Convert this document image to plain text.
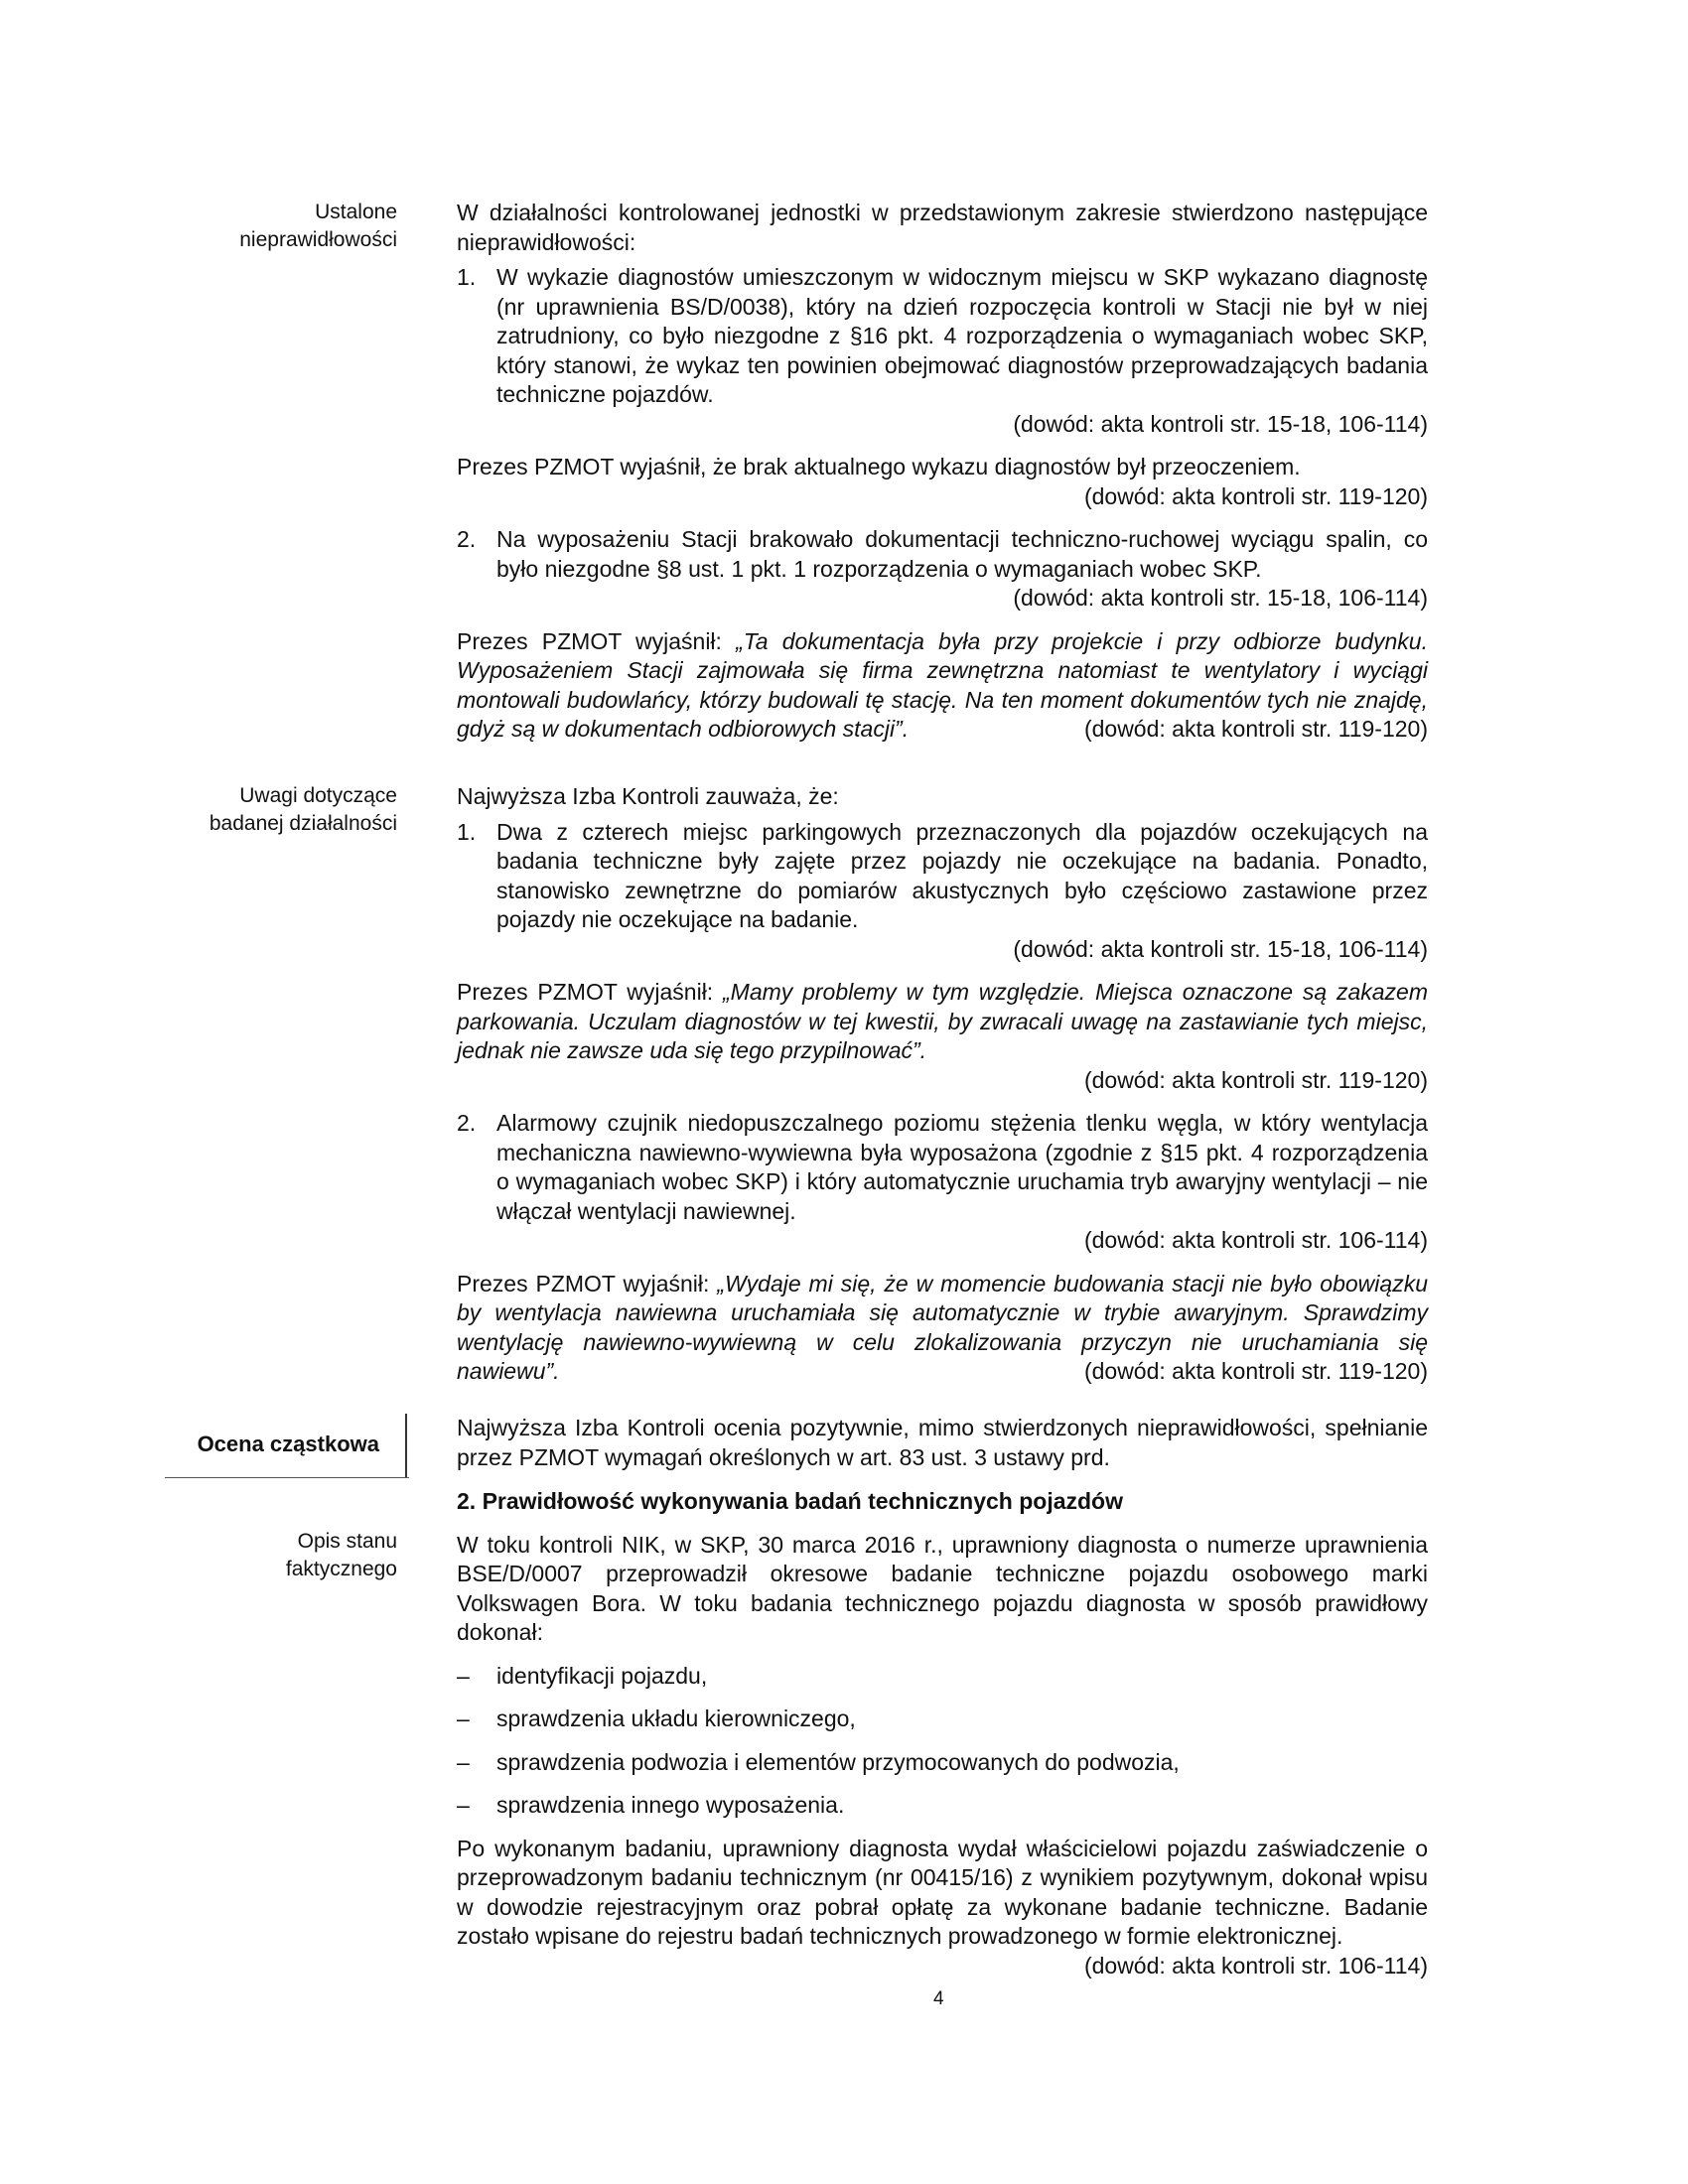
Ustalone
nieprawidłowości
Uwagi dotyczące
badanej działalności
Ocena cząstkowa
Opis stanu
faktycznego

W działalności kontrolowanej jednostki w przedstawionym zakresie stwierdzono następujące nieprawidłowości:

1. W wykazie diagnostów umieszczonym w widocznym miejscu w SKP wykazano diagnostę (nr uprawnienia BS/D/0038), który na dzień rozpoczęcia kontroli w Stacji nie był w niej zatrudniony, co było niezgodne z §16 pkt. 4 rozporządzenia o wymaganiach wobec SKP, który stanowi, że wykaz ten powinien obejmować diagnostów przeprowadzających badania techniczne pojazdów.
(dowód: akta kontroli str. 15-18, 106-114)

Prezes PZMOT wyjaśnił, że brak aktualnego wykazu diagnostów był przeoczeniem.

(dowód: akta kontroli str. 119-120)
2. Na wyposażeniu Stacji brakowało dokumentacji techniczno-ruchowej wyciągu spalin, co było niezgodne §8 ust. 1 pkt. 1 rozporządzenia o wymaganiach wobec SKP.
(dowód: akta kontroli str. 15-18, 106-114)

Prezes PZMOT wyjaśnił: „Ta dokumentacja była przy projekcie i przy odbiorze budynku. Wyposażeniem Stacji zajmowała się firma zewnętrzna natomiast te wentylatory i wyciągi montowali budowlańcy, którzy budowali tę stację. Na ten moment dokumentów tych nie znajdę, gdyż są w dokumentach odbiorowych stacji”.	(dowód: akta kontroli str. 119-120)

Najwyższa Izba Kontroli zauważa, że:

1. Dwa z czterech miejsc parkingowych przeznaczonych dla pojazdów oczekujących na badania techniczne były zajęte przez pojazdy nie oczekujące na badania. Ponadto, stanowisko zewnętrzne do pomiarów akustycznych było częściowo zastawione przez pojazdy nie oczekujące na badanie.
(dowód: akta kontroli str. 15-18, 106-114)

Prezes PZMOT wyjaśnił: „Mamy problemy w tym względzie. Miejsca oznaczone są zakazem parkowania. Uczulam diagnostów w tej kwestii, by zwracali uwagę na zastawianie tych miejsc, jednak nie zawsze uda się tego przypilnować”.

(dowód: akta kontroli str. 119-120)
2. Alarmowy czujnik niedopuszczalnego poziomu stężenia tlenku węgla, w który wentylacja mechaniczna nawiewno-wywiewna była wyposażona (zgodnie z §15 pkt. 4 rozporządzenia o wymaganiach wobec SKP) i który automatycznie uruchamia tryb awaryjny wentylacji – nie włączał wentylacji nawiewnej.
(dowód: akta kontroli str. 106-114)

Prezes PZMOT wyjaśnił: „Wydaje mi się, że w momencie budowania stacji nie było obowiązku by wentylacja nawiewna uruchamiała się automatycznie w trybie awaryjnym. Sprawdzimy wentylację nawiewno-wywiewną w celu zlokalizowania przyczyn nie uruchamiania się nawiewu”.	(dowód: akta kontroli str. 119-120)

Najwyższa Izba Kontroli ocenia pozytywnie, mimo stwierdzonych nieprawidłowości, spełnianie przez PZMOT wymagań określonych w art. 83 ust. 3 ustawy prd.

2. Prawidłowość wykonywania badań technicznych pojazdów

W toku kontroli NIK, w SKP, 30 marca 2016 r., uprawniony diagnosta o numerze uprawnienia BSE/D/0007 przeprowadził okresowe badanie techniczne pojazdu osobowego marki Volkswagen Bora. W toku badania technicznego pojazdu diagnosta w sposób prawidłowy dokonał:

– identyfikacji pojazdu,
– sprawdzenia układu kierowniczego,
– sprawdzenia podwozia i elementów przymocowanych do podwozia,
– sprawdzenia innego wyposażenia.

Po wykonanym badaniu, uprawniony diagnosta wydał właścicielowi pojazdu zaświadczenie o przeprowadzonym badaniu technicznym (nr 00415/16) z wynikiem pozytywnym, dokonał wpisu w dowodzie rejestracyjnym oraz pobrał opłatę za wykonane badanie techniczne. Badanie zostało wpisane do rejestru badań technicznych prowadzonego w formie elektronicznej.
(dowód: akta kontroli str. 106-114)

4
